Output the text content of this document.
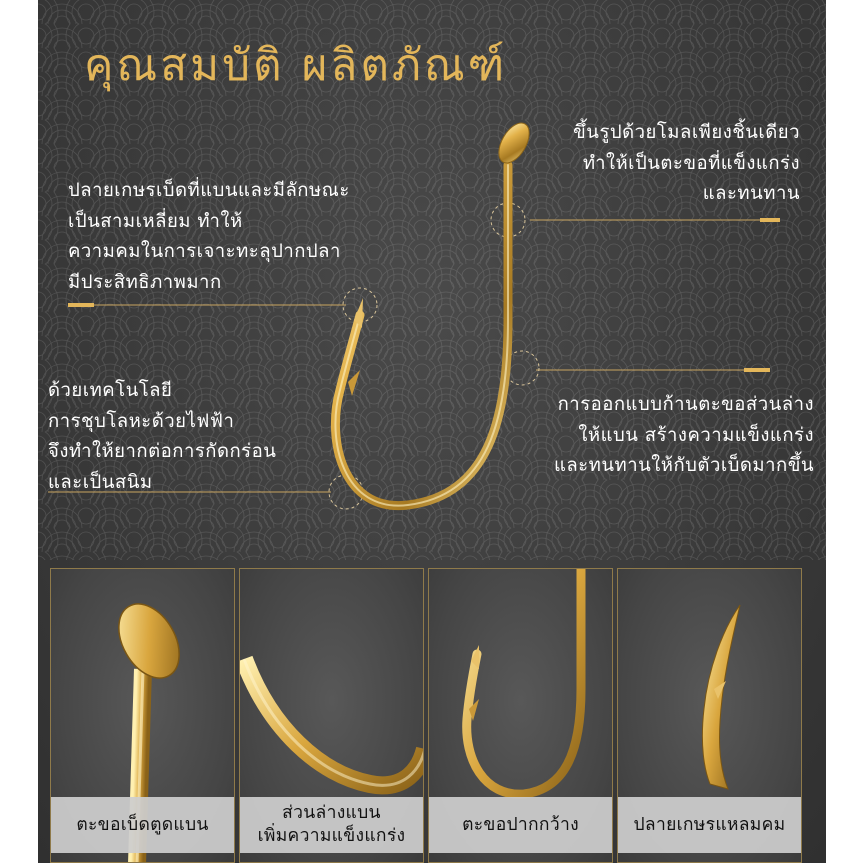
คุณสมบัติ ผลิตภัณฑ์
ขึ้นรูปด้วยโมลเพียงชิ้นเดียว
ทำให้เป็นตะขอที่แข็งแกร่ง
และทนทาน
ปลายเกษรเบ็ดที่แบนและมีลักษณะ
เป็นสามเหลี่ยม ทำให้
ความคมในการเจาะทะลุปากปลา
มีประสิทธิภาพมาก
ด้วยเทคโนโลยี
การชุบโลหะด้วยไฟฟ้า
จึงทำให้ยากต่อการกัดกร่อน
และเป็นสนิม
การออกแบบก้านตะขอส่วนล่าง
ให้แบน สร้างความแข็งแกร่ง
และทนทานให้กับตัวเบ็ดมากขึ้น
ตะขอเบ็ดตูดแบน
ส่วนล่างแบน
เพิ่มความแข็งแกร่ง
ตะขอปากกว้าง	ปลายเกษรแหลมคม
